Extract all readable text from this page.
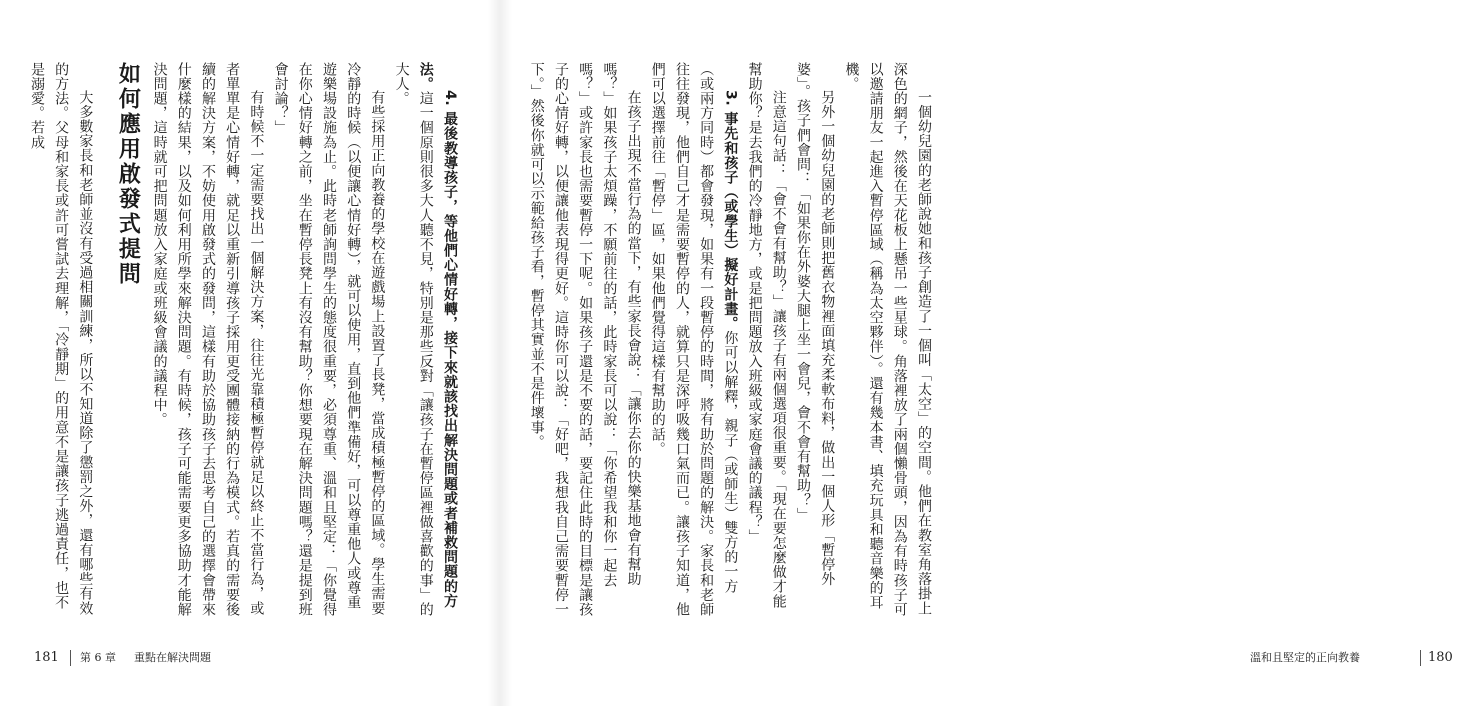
4. 最後教導孩子，等他們心情好轉，接下來就該找出解決問題或者補救問題的方法。這一個原則很多大人聽不見，特別是那些反對「讓孩子在暫停區裡做喜歡的事」的大人。

有些採用正向教養的學校在遊戲場上設置了長凳，當成積極暫停的區域。學生需要冷靜的時候（以便讓心情好轉），就可以使用，直到他們準備好，可以尊重他人或尊重遊樂場設施為止。此時老師詢問學生的態度很重要，必須尊重、溫和且堅定：「你覺得在你心情好轉之前，坐在暫停長凳上有沒有幫助？你想要現在解決問題嗎？還是提到班會討論？」

有時候不一定需要找出一個解決方案，往往光靠積極暫停就足以終止不當行為，或者單單是心情好轉，就足以重新引導孩子採用更受團體接納的行為模式。若真的需要後續的解決方案，不妨使用啟發式的發問，這樣有助於協助孩子去思考自己的選擇會帶來什麼樣的結果，以及如何利用所學來解決問題。有時候，孩子可能需要更多協助才能解決問題，這時就可把問題放入家庭或班級會議的議程中。

如何應用啟發式提問

大多數家長和老師並沒有受過相關訓練，所以不知道除了懲罰之外，還有哪些有效的方法。父母和家長或許可嘗試去理解，「冷靜期」的用意不是讓孩子逃過責任，也不是溺愛。若成

181 第 6 章 重點在解決問題

一個幼兒園的老師說她和孩子創造了一個叫「太空」的空間。他們在教室角落掛上深色的網子，然後在天花板上懸吊一些星球。角落裡放了兩個懶骨頭，因為有時孩子可以邀請朋友一起進入暫停區域（稱為太空夥伴）。還有幾本書、填充玩具和聽音樂的耳機。

另外一個幼兒園的老師則把舊衣物裡面填充柔軟布料，做出一個人形「暫停外婆」。孩子們會問：「如果你在外婆大腿上坐一會兒，會不會有幫助？」

注意這句話：「會不會有幫助？」讓孩子有兩個選項很重要。「現在要怎麼做才能幫助你？是去我們的冷靜地方，或是把問題放入班級或家庭會議的議程？」

3. 事先和孩子（或學生）擬好計畫。你可以解釋，親子（或師生）雙方的一方（或兩方同時）都會發現，如果有一段暫停的時間，將有助於問題的解決。家長和老師往往發現，他們自己才是需要暫停的人，就算只是深呼吸幾口氣而已。讓孩子知道，他們可以選擇前往「暫停」區，如果他們覺得這樣有幫助的話。

在孩子出現不當行為的當下，有些家長會說：「讓你去你的快樂基地會有幫助嗎？」如果孩子太煩躁，不願前往的話，此時家長可以說：「你希望我和你一起去嗎？」或許家長也需要暫停一下呢。如果孩子還是不要的話，要記住此時的目標是讓孩子的心情好轉，以便讓他表現得更好。這時你可以說：「好吧，我想我自己需要暫停一下。」然後你就可以示範給孩子看，暫停其實並不是件壞事。

溫和且堅定的正向教養	180
